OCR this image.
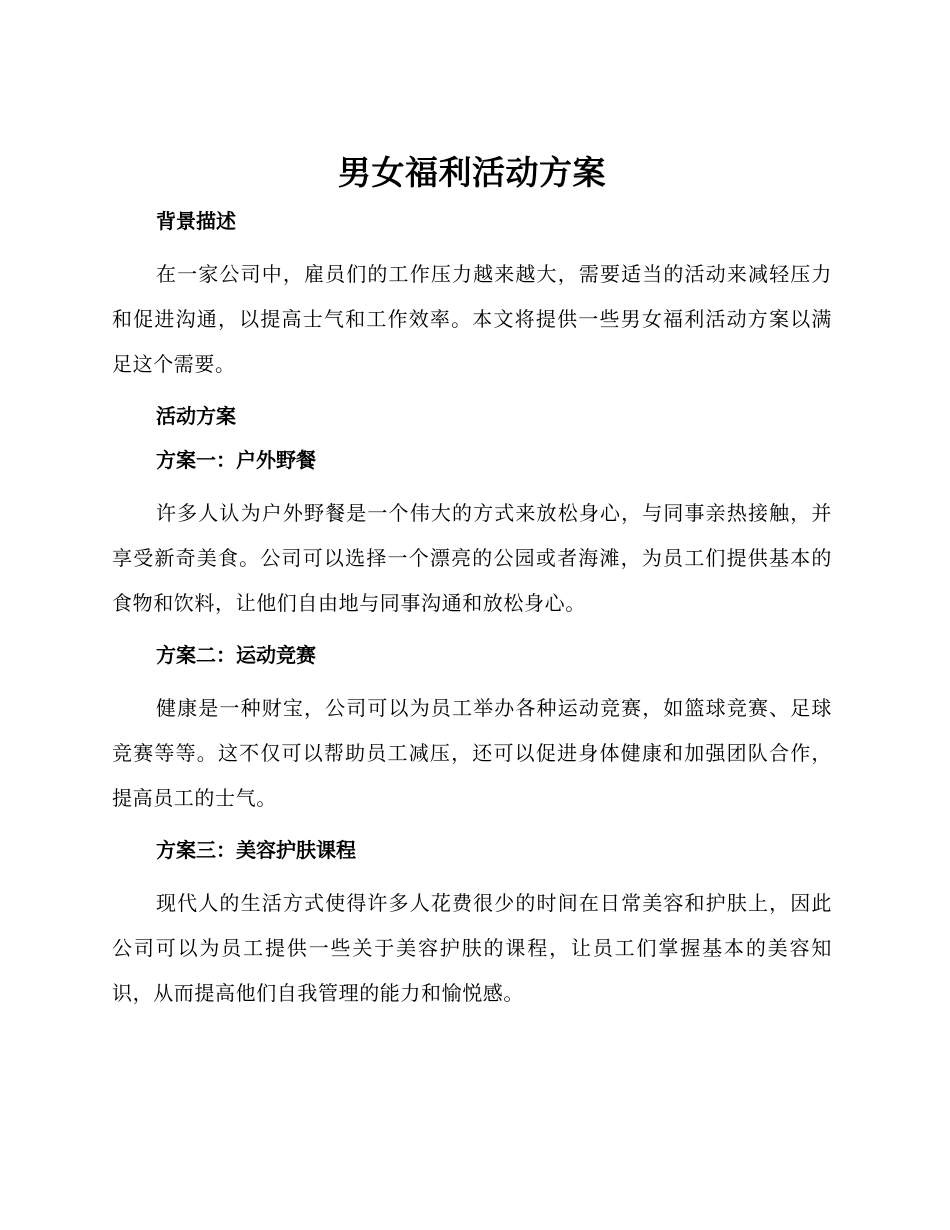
男女福利活动方案
背景描述

在一家公司中，雇员们的工作压力越来越大，需要适当的活动来减轻压力和促进沟通，以提高士气和工作效率。本文将提供一些男女福利活动方案以满足这个需要。

活动方案
方案一：户外野餐

许多人认为户外野餐是一个伟大的方式来放松身心，与同事亲热接触，并享受新奇美食。公司可以选择一个漂亮的公园或者海滩，为员工们提供基本的食物和饮料，让他们自由地与同事沟通和放松身心。

方案二：运动竞赛

健康是一种财宝，公司可以为员工举办各种运动竞赛，如篮球竞赛、足球竞赛等等。这不仅可以帮助员工减压，还可以促进身体健康和加强团队合作，提高员工的士气。

方案三：美容护肤课程

现代人的生活方式使得许多人花费很少的时间在日常美容和护肤上，因此公司可以为员工提供一些关于美容护肤的课程，让员工们掌握基本的美容知识，从而提高他们自我管理的能力和愉悦感。
